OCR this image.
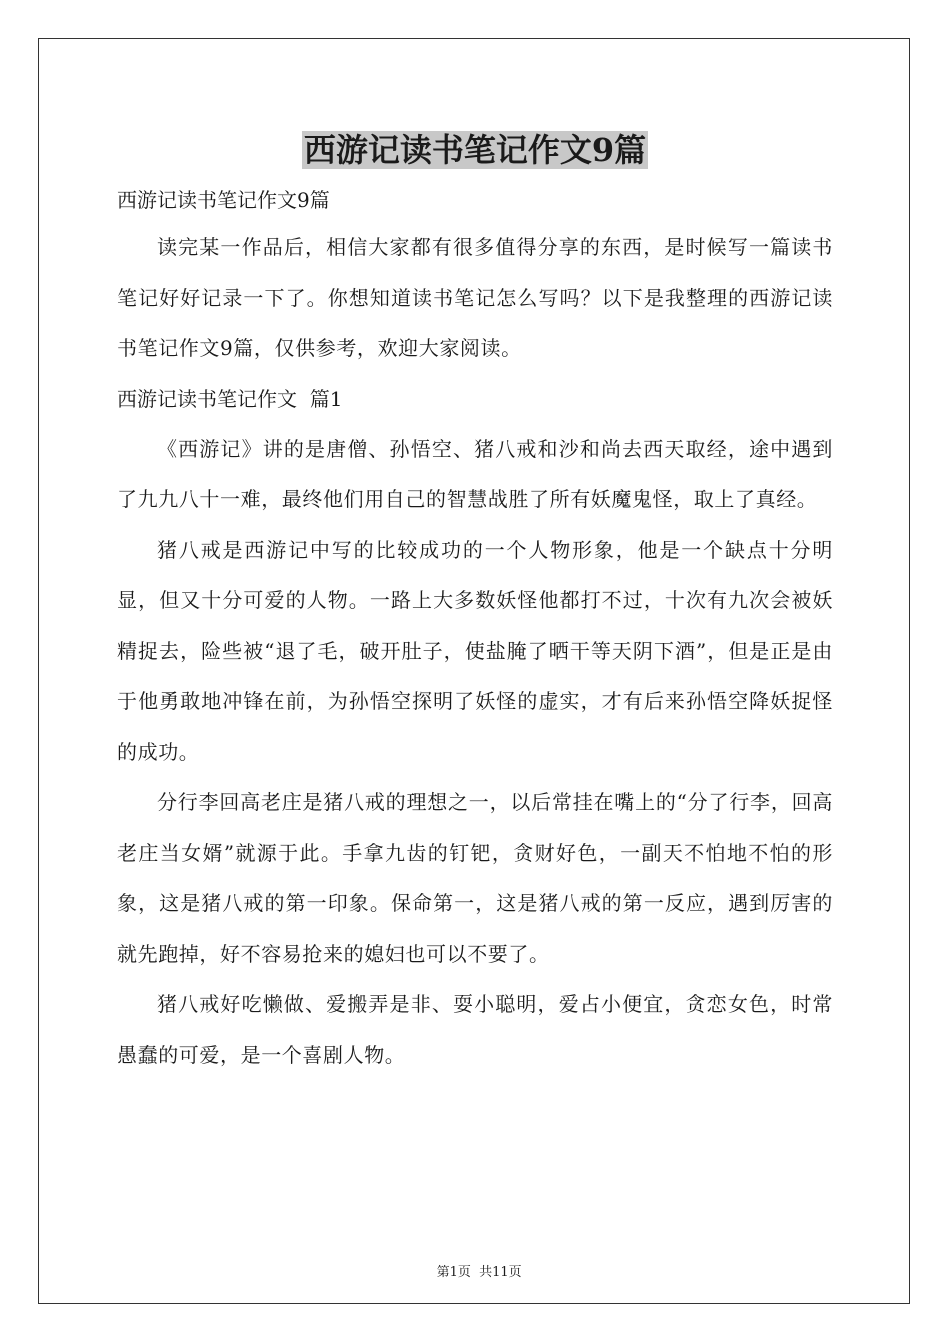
西游记读书笔记作文9篇

西游记读书笔记作文9篇

读完某一作品后，相信大家都有很多值得分享的东西，是时候写一篇读书笔记好好记录一下了。你想知道读书笔记怎么写吗？以下是我整理的西游记读书笔记作文9篇，仅供参考，欢迎大家阅读。

西游记读书笔记作文  篇1

《西游记》讲的是唐僧、孙悟空、猪八戒和沙和尚去西天取经，途中遇到了九九八十一难，最终他们用自己的智慧战胜了所有妖魔鬼怪，取上了真经。

猪八戒是西游记中写的比较成功的一个人物形象，他是一个缺点十分明显，但又十分可爱的人物。一路上大多数妖怪他都打不过，十次有九次会被妖精捉去，险些被“退了毛，破开肚子，使盐腌了晒干等天阴下酒”，但是正是由于他勇敢地冲锋在前，为孙悟空探明了妖怪的虚实，才有后来孙悟空降妖捉怪的成功。

分行李回高老庄是猪八戒的理想之一，以后常挂在嘴上的“分了行李，回高老庄当女婿”就源于此。手拿九齿的钉钯，贪财好色，一副天不怕地不怕的形象，这是猪八戒的第一印象。保命第一，这是猪八戒的第一反应，遇到厉害的就先跑掉，好不容易抢来的媳妇也可以不要了。

猪八戒好吃懒做、爱搬弄是非、耍小聪明，爱占小便宜，贪恋女色，时常愚蠢的可爱，是一个喜剧人物。

第1页  共11页
